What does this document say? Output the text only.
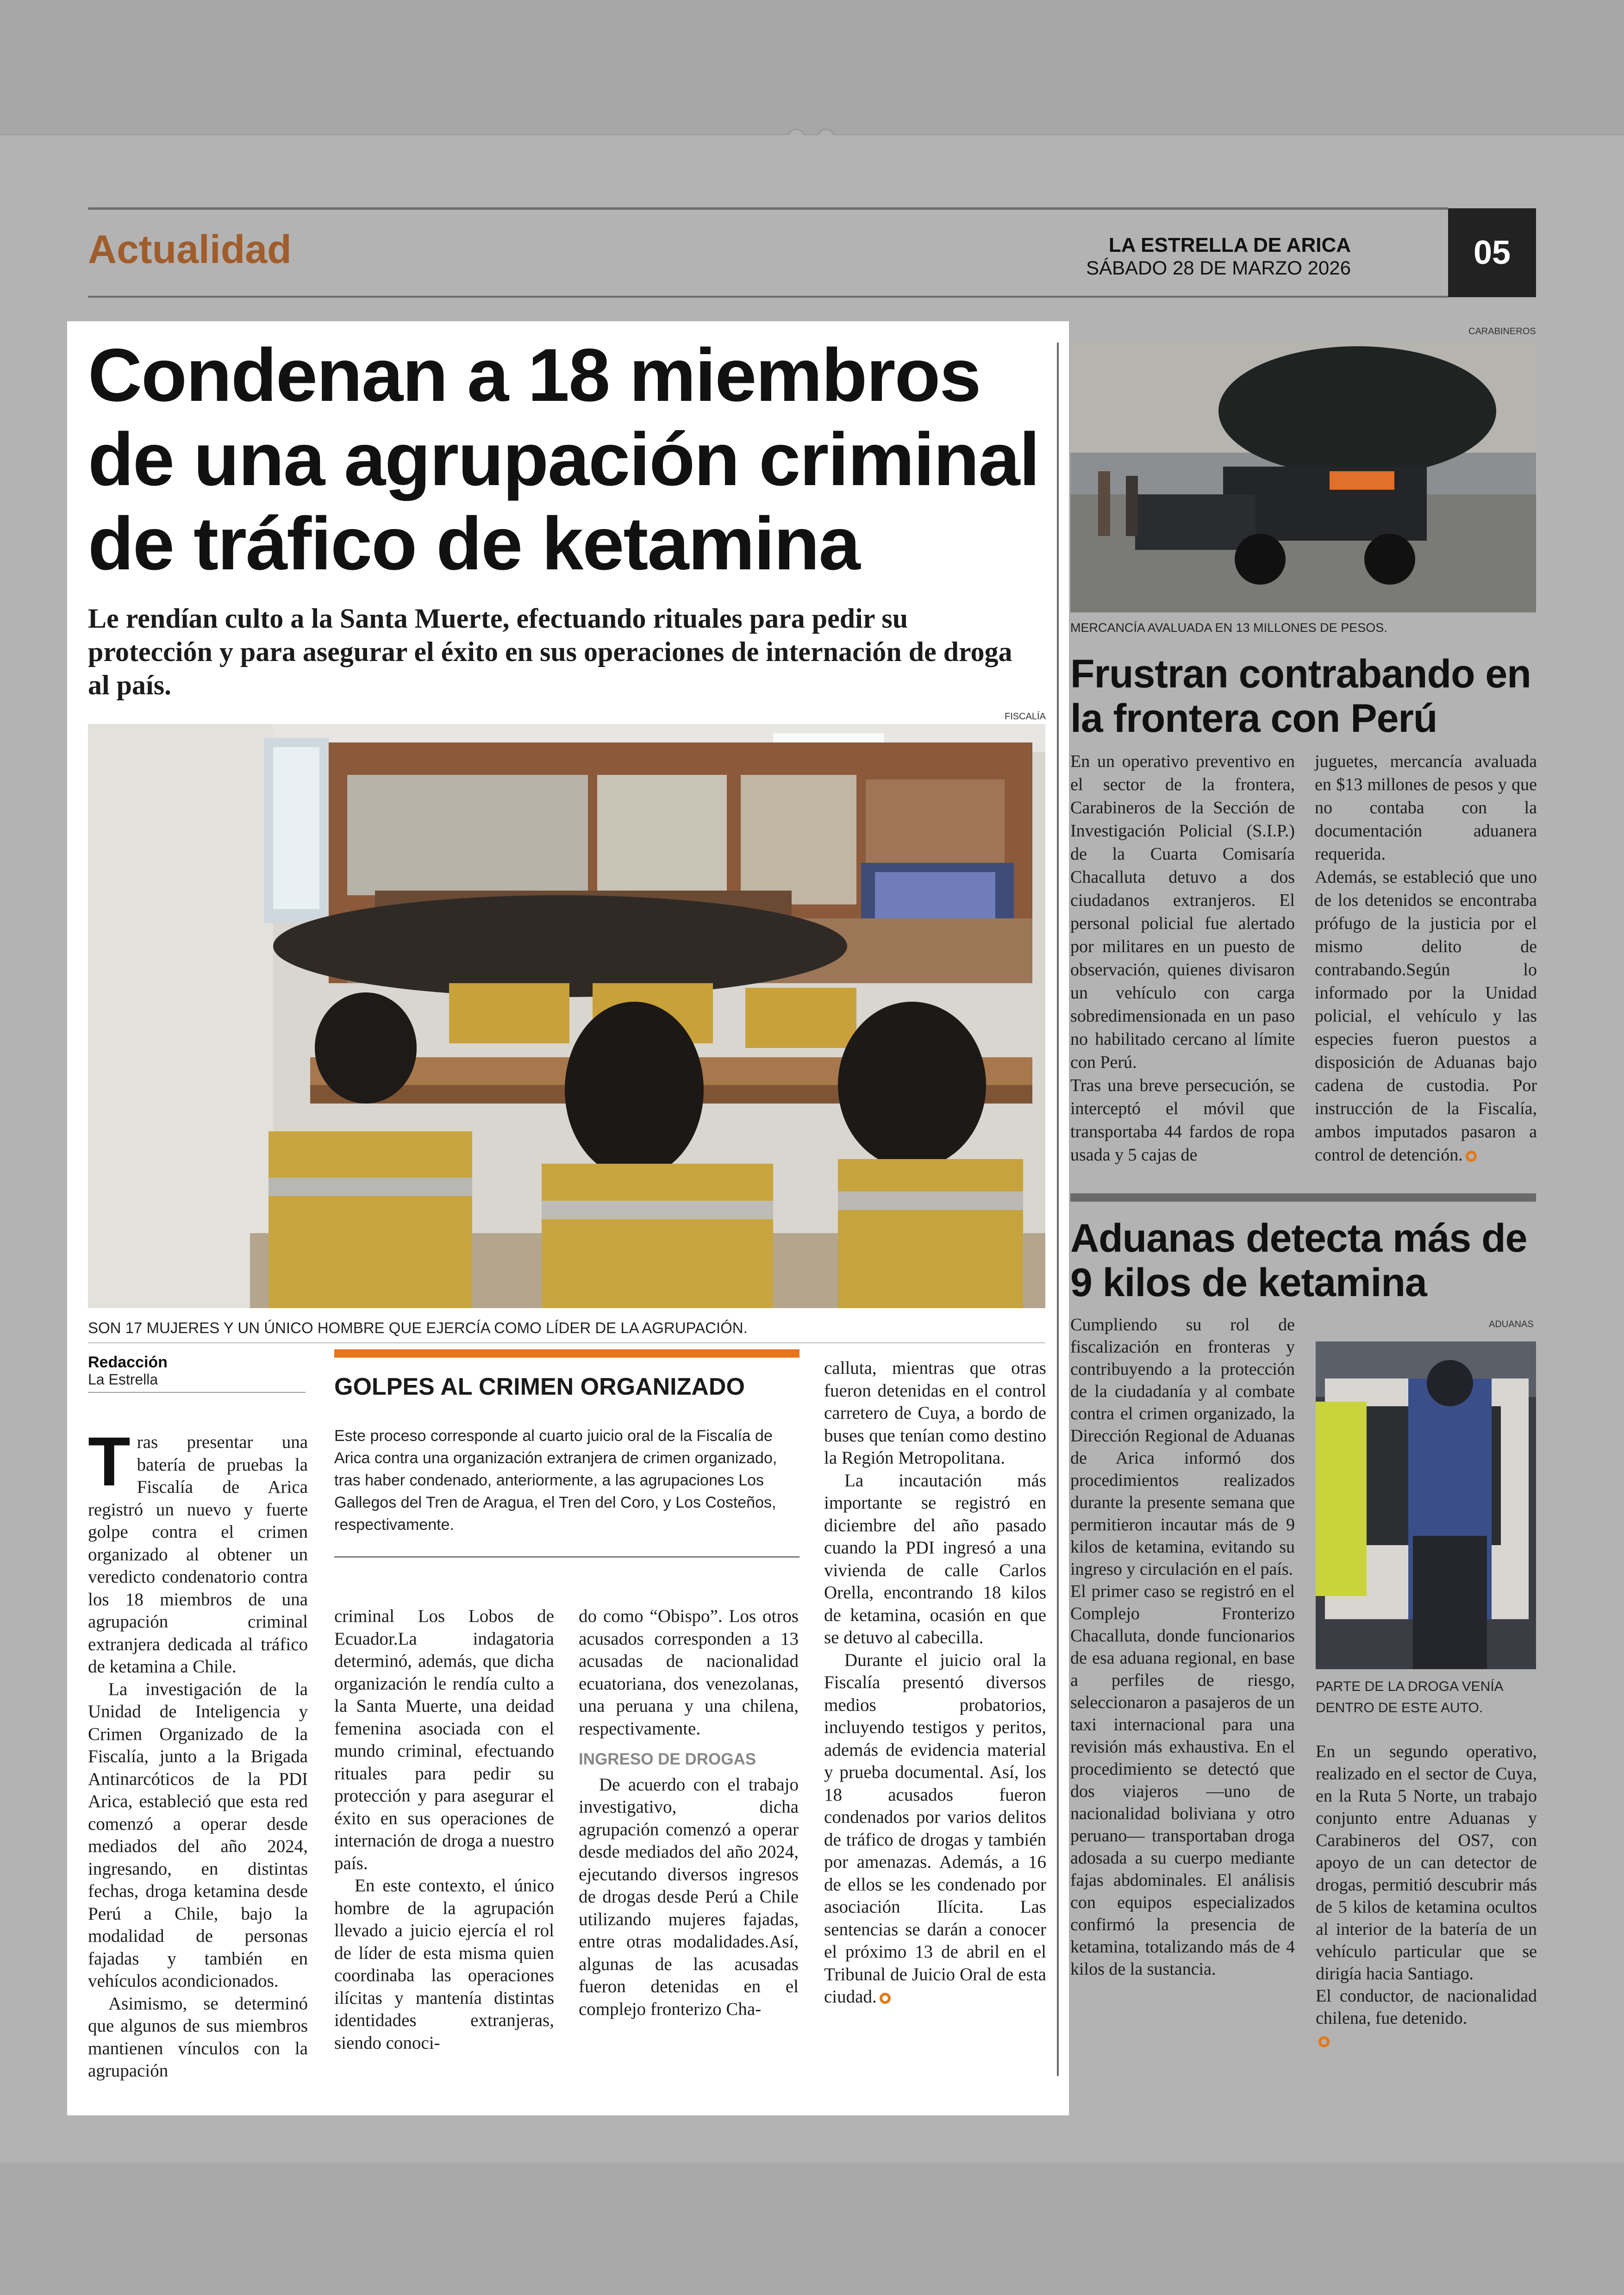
Actualidad	LA ESTRELLA DE ARICA
SÁBADO 28 DE MARZO 2026	05
Condenan a 18 miembros de una agrupación criminal de tráfico de ketamina
Le rendían culto a la Santa Muerte, efectuando rituales para pedir su protección y para asegurar el éxito en sus operaciones de internación de droga al país.
FISCALÍA
SON 17 MUJERES Y UN ÚNICO HOMBRE QUE EJERCÍA COMO LÍDER DE LA AGRUPACIÓN.
Redacción
La Estrella	GOLPES AL CRIMEN ORGANIZADO
Este proceso corresponde al cuarto juicio oral de la Fiscalía de Arica contra una organización extranjera de crimen organizado, tras haber condenado, anteriormente, a las agrupaciones Los Gallegos del Tren de Aragua, el Tren del Coro, y Los Costeños, respectivamente.

Tras presentar una batería de pruebas la Fiscalía de Arica registró un nuevo y fuerte golpe contra el crimen organizado al obtener un veredicto condenatorio contra los 18 miembros de una agrupación criminal extranjera dedicada al tráfico de ketamina a Chile.

La investigación de la Unidad de Inteligencia y Crimen Organizado de la Fiscalía, junto a la Brigada Antinarcóticos de la PDI Arica, estableció que esta red comenzó a operar desde mediados del año 2024, ingresando, en distintas fechas, droga ketamina desde Perú a Chile, bajo la modalidad de personas fajadas y también en vehículos acondicionados.

Asimismo, se determinó que algunos de sus miembros mantienen vínculos con la agrupación

criminal Los Lobos de Ecuador.La indagatoria determinó, además, que dicha organización le rendía culto a la Santa Muerte, una deidad femenina asociada con el mundo criminal, efectuando rituales para pedir su protección y para asegurar el éxito en sus operaciones de internación de droga a nuestro país.

En este contexto, el único hombre de la agrupación llevado a juicio ejercía el rol de líder de esta misma quien coordinaba las operaciones ilícitas y mantenía distintas identidades extranjeras, siendo conoci-

do como “Obispo”. Los otros acusados corresponden a 13 acusadas de nacionalidad ecuatoriana, dos venezolanas, una peruana y una chilena, respectivamente.

INGRESO DE DROGAS

De acuerdo con el trabajo investigativo, dicha agrupación comenzó a operar desde mediados del año 2024, ejecutando diversos ingresos de drogas desde Perú a Chile utilizando mujeres fajadas, entre otras modalidades.Así, algunas de las acusadas fueron detenidas en el complejo fronterizo Cha-

calluta, mientras que otras fueron detenidas en el control carretero de Cuya, a bordo de buses que tenían como destino la Región Metropolitana.

La incautación más importante se registró en diciembre del año pasado cuando la PDI ingresó a una vivienda de calle Carlos Orella, encontrando 18 kilos de ketamina, ocasión en que se detuvo al cabecilla.

Durante el juicio oral la Fiscalía presentó diversos medios probatorios, incluyendo testigos y peritos, además de evidencia material y prueba documental. Así, los 18 acusados fueron condenados por varios delitos de tráfico de drogas y también por amenazas. Además, a 16 de ellos se les condenado por asociación Ilícita. Las sentencias se darán a conocer el próximo 13 de abril en el Tribunal de Juicio Oral de esta ciudad.

CARABINEROS
MERCANCÍA AVALUADA EN 13 MILLONES DE PESOS.
Frustran contrabando en la frontera con Perú

En un operativo preventivo en el sector de la frontera, Carabineros de la Sección de Investigación Policial (S.I.P.) de la Cuarta Comisaría Chacalluta detuvo a dos ciudadanos extranjeros. El personal policial fue alertado por militares en un puesto de observación, quienes divisaron un vehículo con carga sobredimensionada en un paso no habilitado cercano al límite con Perú.

Tras una breve persecución, se interceptó el móvil que transportaba 44 fardos de ropa usada y 5 cajas de

juguetes, mercancía avaluada en $13 millones de pesos y que no contaba con la documentación aduanera requerida.

Además, se estableció que uno de los detenidos se encontraba prófugo de la justicia por el mismo delito de contrabando.Según lo informado por la Unidad policial, el vehículo y las especies fueron puestos a disposición de Aduanas bajo cadena de custodia. Por instrucción de la Fiscalía, ambos imputados pasaron a control de detención.

Aduanas detecta más de 9 kilos de ketamina

Cumpliendo su rol de fiscalización en fronteras y contribuyendo a la protección de la ciudadanía y al combate contra el crimen organizado, la Dirección Regional de Aduanas de Arica informó dos procedimientos realizados durante la presente semana que permitieron incautar más de 9 kilos de ketamina, evitando su ingreso y circulación en el país.

El primer caso se registró en el Complejo Fronterizo Chacalluta, donde funcionarios de esa aduana regional, en base a perfiles de riesgo, seleccionaron a pasajeros de un taxi internacional para una revisión más exhaustiva. En el procedimiento se detectó que dos viajeros —uno de nacionalidad boliviana y otro peruano— transportaban droga adosada a su cuerpo mediante fajas abdominales. El análisis con equipos especializados confirmó la presencia de ketamina, totalizando más de 4 kilos de la sustancia.

ADUANAS
PARTE DE LA DROGA VENÍA DENTRO DE ESTE AUTO.

En un segundo operativo, realizado en el sector de Cuya, en la Ruta 5 Norte, un trabajo conjunto entre Aduanas y Carabineros del OS7, con apoyo de un can detector de drogas, permitió descubrir más de 5 kilos de ketamina ocultos al interior de la batería de un vehículo particular que se dirigía hacia Santiago.

El conductor, de nacionalidad chilena, fue detenido.
